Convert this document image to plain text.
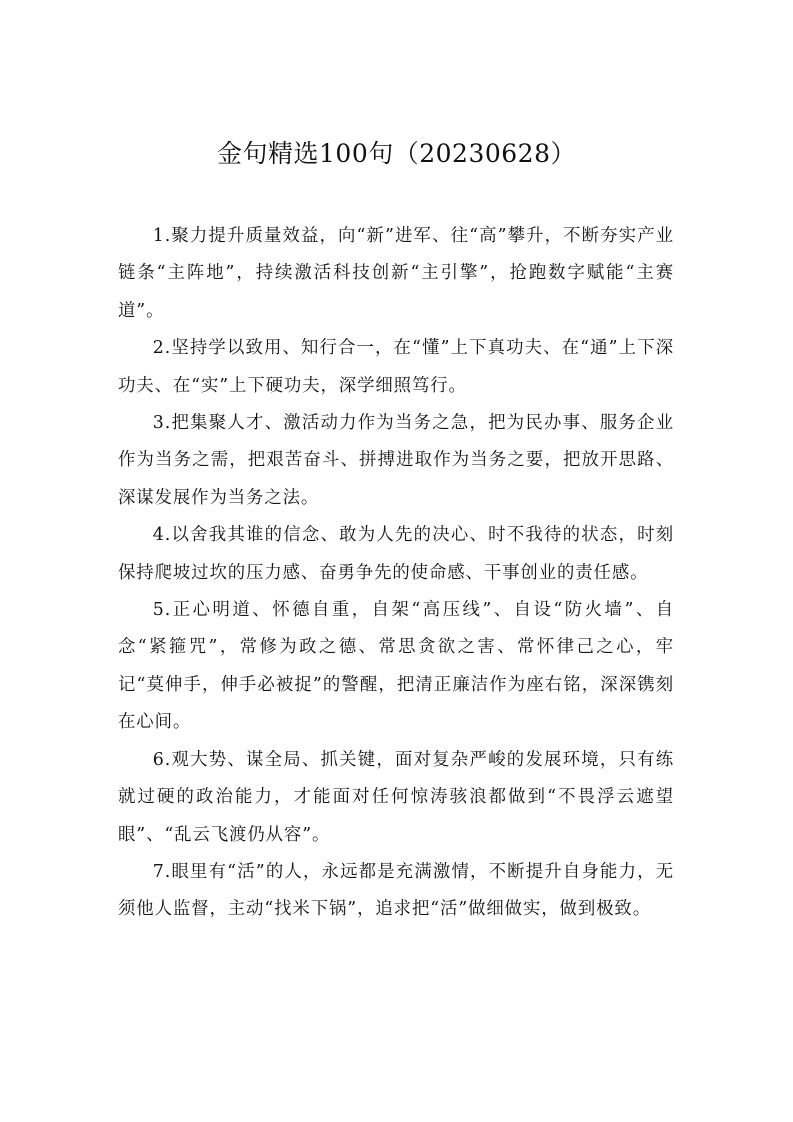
金句精选100句（20230628）

1.聚力提升质量效益，向“新”进军、往“高”攀升，不断夯实产业链条“主阵地”，持续激活科技创新“主引擎”，抢跑数字赋能“主赛道”。

2.坚持学以致用、知行合一，在“懂”上下真功夫、在“通”上下深功夫、在“实”上下硬功夫，深学细照笃行。

3.把集聚人才、激活动力作为当务之急，把为民办事、服务企业作为当务之需，把艰苦奋斗、拼搏进取作为当务之要，把放开思路、深谋发展作为当务之法。

4.以舍我其谁的信念、敢为人先的决心、时不我待的状态，时刻保持爬坡过坎的压力感、奋勇争先的使命感、干事创业的责任感。

5.正心明道、怀德自重，自架“高压线”、自设“防火墙”、自念“紧箍咒”，常修为政之德、常思贪欲之害、常怀律己之心，牢记“莫伸手，伸手必被捉”的警醒，把清正廉洁作为座右铭，深深镌刻在心间。

6.观大势、谋全局、抓关键，面对复杂严峻的发展环境，只有练就过硬的政治能力，才能面对任何惊涛骇浪都做到“不畏浮云遮望眼”、“乱云飞渡仍从容”。

7.眼里有“活”的人，永远都是充满激情，不断提升自身能力，无须他人监督，主动“找米下锅”，追求把“活”做细做实，做到极致。
